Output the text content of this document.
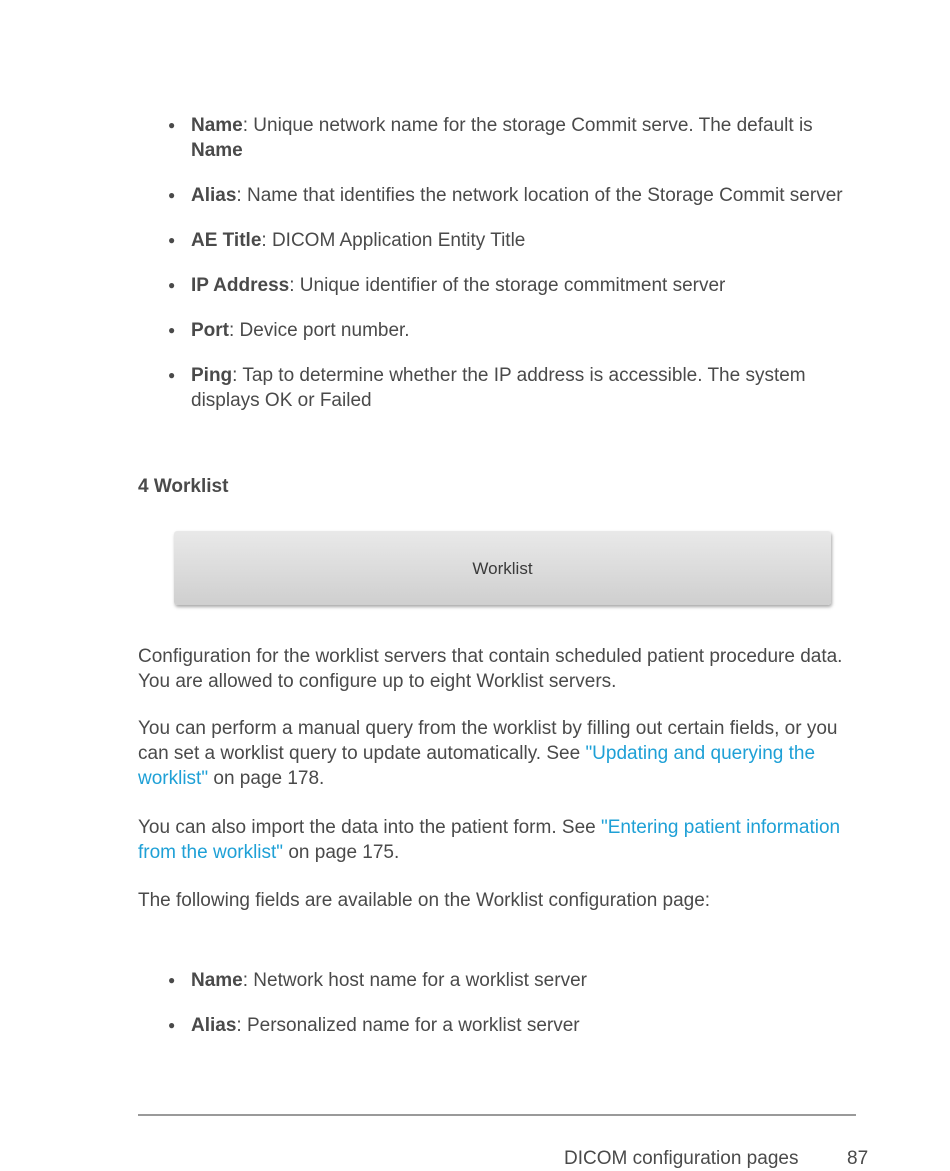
● Name: Unique network name for the storage Commit serve. The default is Name
● Alias: Name that identifies the network location of the Storage Commit server
● AE Title: DICOM Application Entity Title
● IP Address: Unique identifier of the storage commitment server
● Port: Device port number.
● Ping: Tap to determine whether the IP address is accessible. The system displays OK or Failed
4 Worklist
Worklist

Configuration for the worklist servers that contain scheduled patient procedure data. You are allowed to configure up to eight Worklist servers.

You can perform a manual query from the worklist by filling out certain fields, or you can set a worklist query to update automatically. See "Updating and querying the worklist" on page 178.

You can also import the data into the patient form. See "Entering patient information from the worklist" on page 175.

The following fields are available on the Worklist configuration page:

● Name: Network host name for a worklist server
● Alias: Personalized name for a worklist server
DICOM configuration pages	87
